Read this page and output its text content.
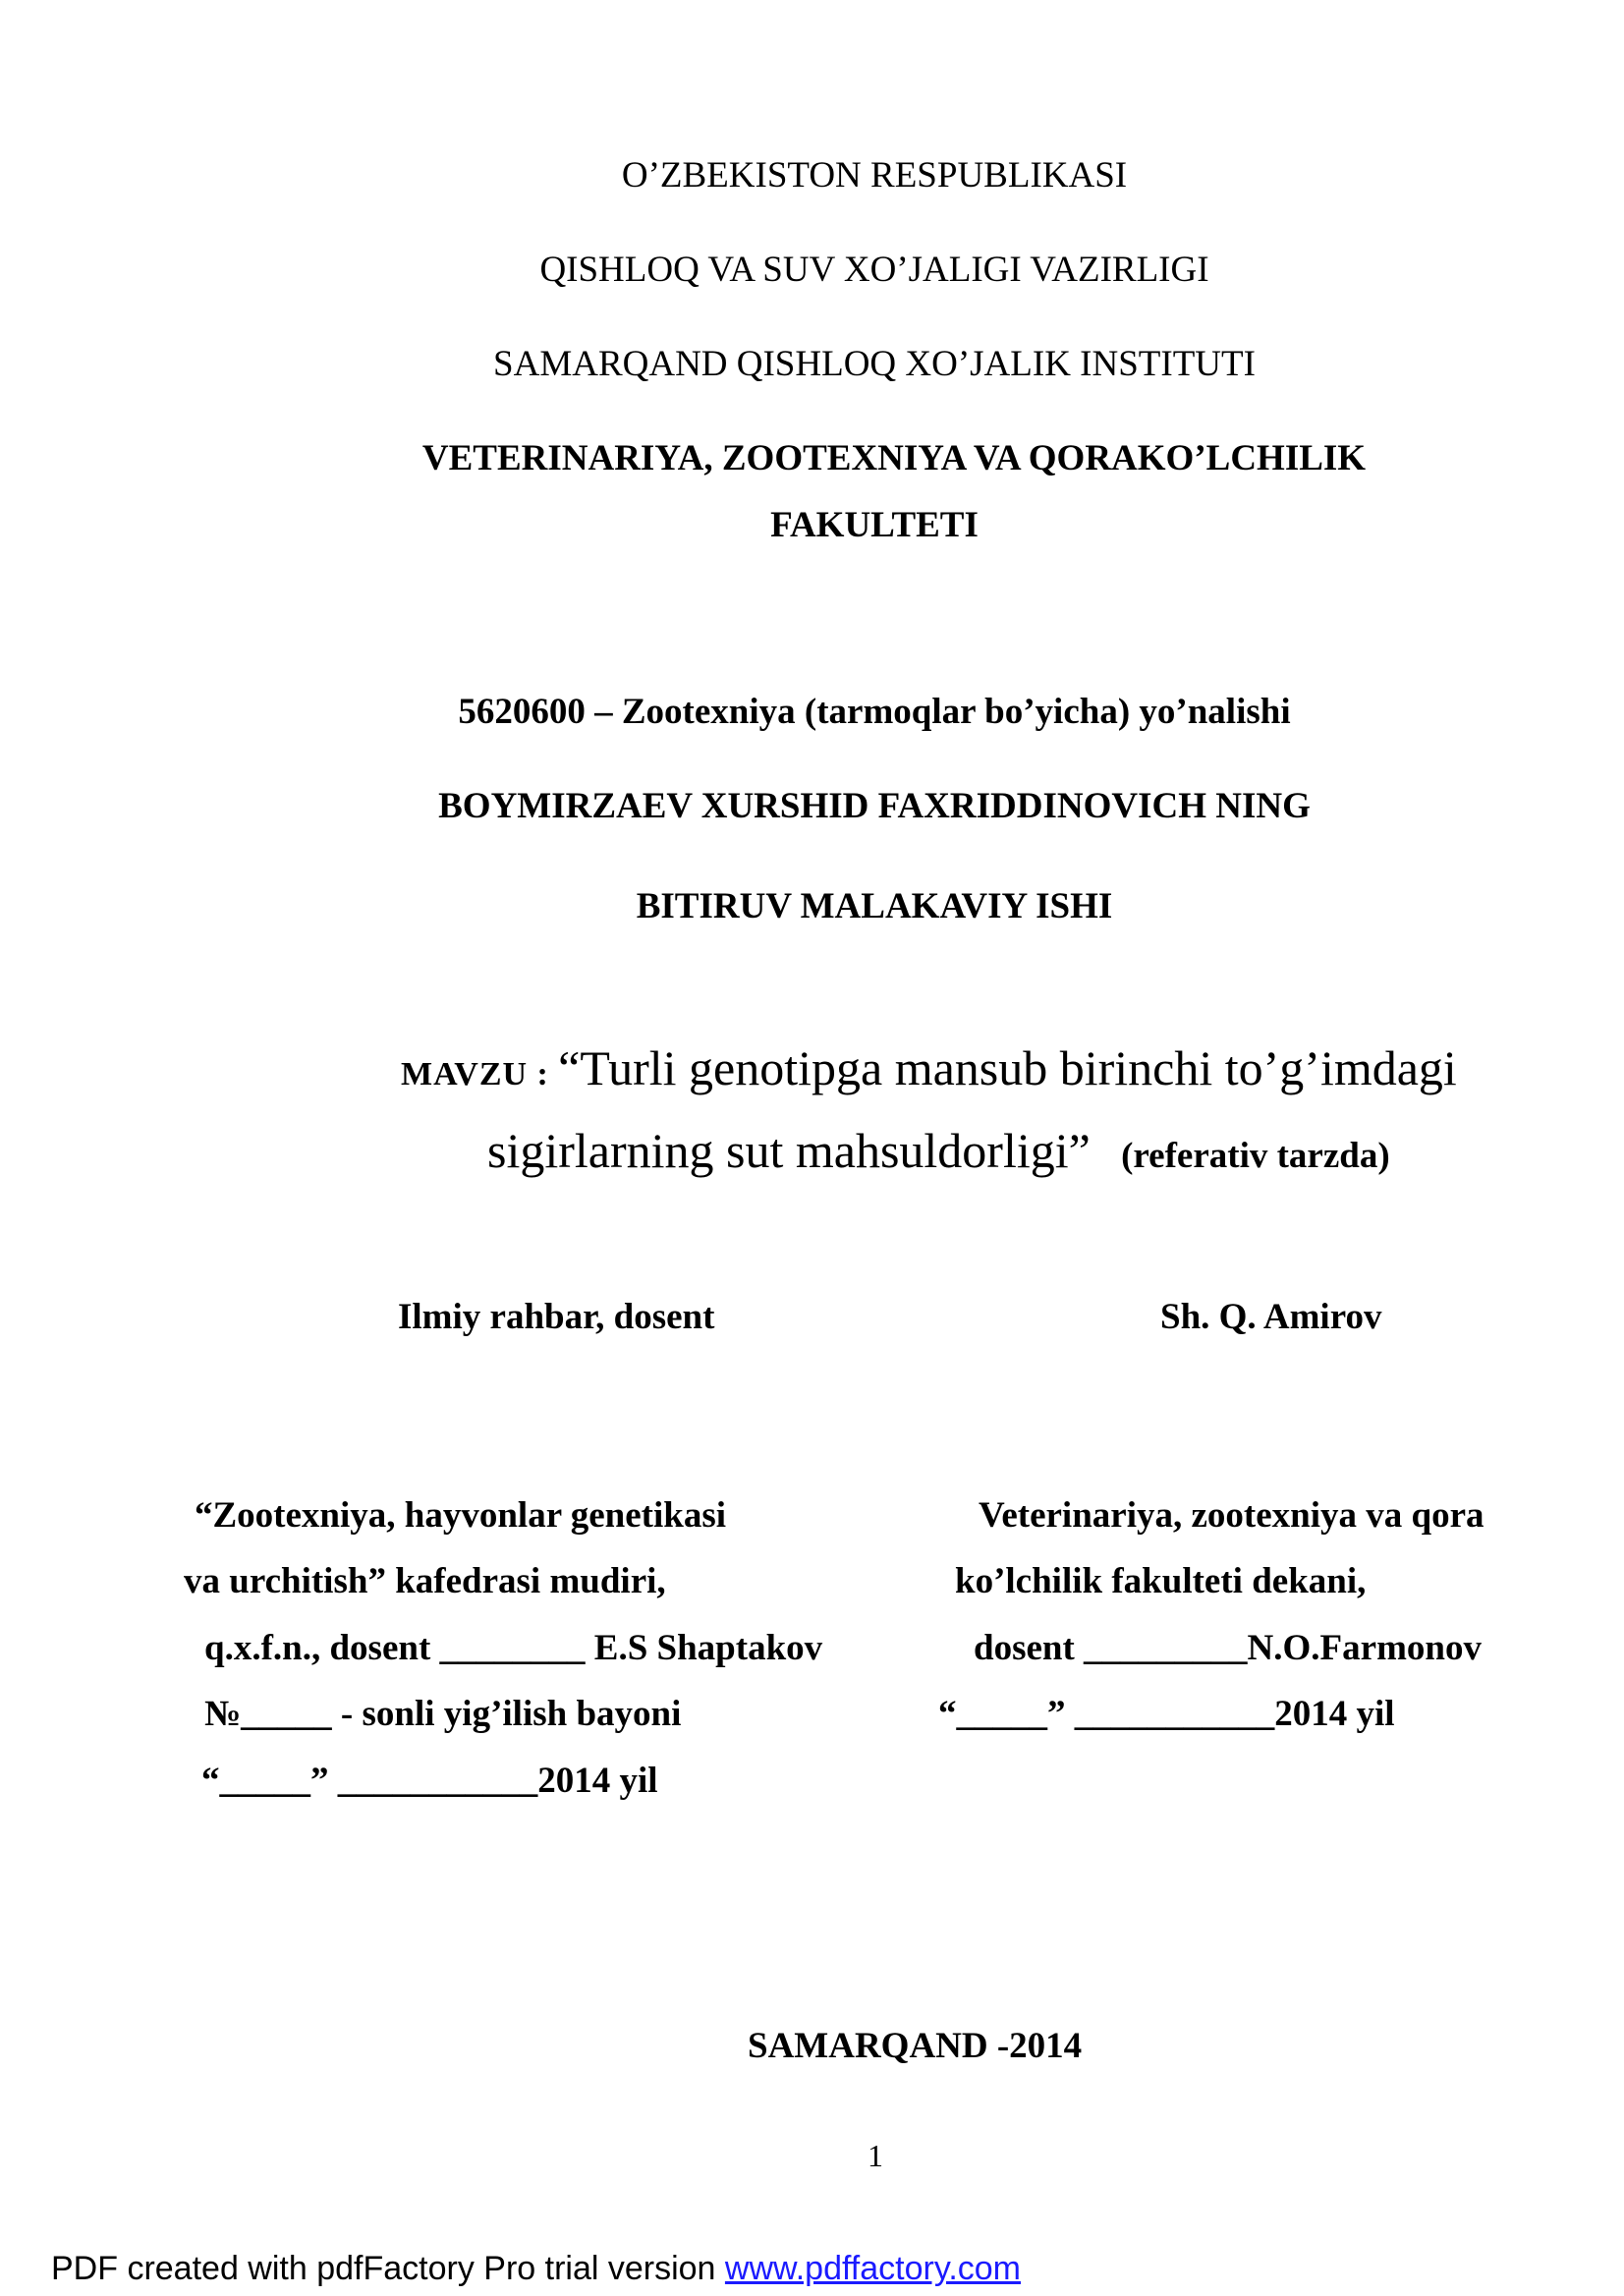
O’ZBEKISTON RESPUBLIKASI
QISHLOQ VA SUV XO’JALIGI VAZIRLIGI
SAMARQAND QISHLOQ XO’JALIK INSTITUTI
VETERINARIYA, ZOOTEXNIYA VA QORAKO’LCHILIK
FAKULTETI
5620600 – Zootexniya (tarmoqlar bo’yicha) yo’nalishi
BOYMIRZAEV XURSHID FAXRIDDINOVICH NING
BITIRUV MALAKAVIY ISHI
MAVZU : “Turli genotipga mansub birinchi to’g’imdagi
sigirlarning sut mahsuldorligi” (referativ tarzda)
Ilmiy rahbar, dosent	Sh. Q. Amirov
“Zootexniya, hayvonlar genetikasi
va urchitish” kafedrasi mudiri,
q.x.f.n., dosent ________ E.S Shaptakov
№_____ - sonli yig’ilish bayoni
“_____” ___________2014 yil
Veterinariya, zootexniya va qora
ko’lchilik fakulteti dekani,
dosent _________N.O.Farmonov
“_____” ___________2014 yil
SAMARQAND -2014
1
PDF created with pdfFactory Pro trial version www.pdffactory.com
